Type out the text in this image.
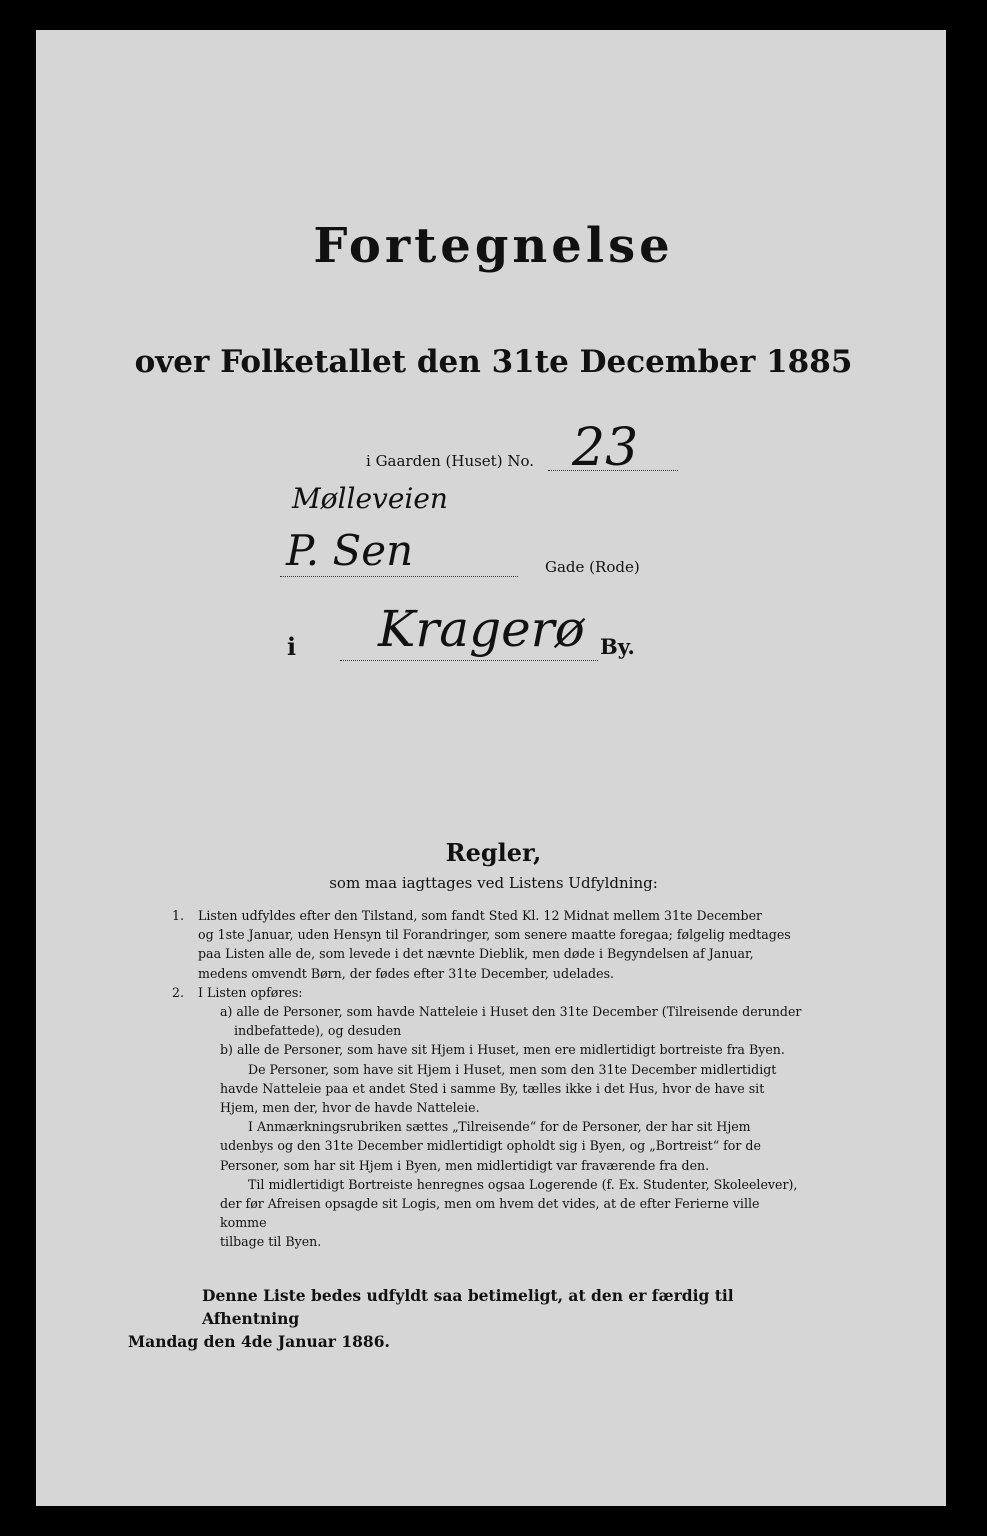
Fortegnelse
over Folketallet den 31te December 1885
i Gaarden (Huset) No. 23
Mølleveien
P. Sen	Gade (Rode)
i Kragerø By.
Regler,
som maa iagttages ved Listens Udfyldning:

1. Listen udfyldes efter den Tilstand, som fandt Sted Kl. 12 Midnat mellem 31te December

og 1ste Januar, uden Hensyn til Forandringer, som senere maatte foregaa; følgelig medtages

paa Listen alle de, som levede i det nævnte Dieblik, men døde i Begyndelsen af Januar,

medens omvendt Børn, der fødes efter 31te December, udelades.

2. I Listen opføres:

a) alle de Personer, som havde Natteleie i Huset den 31te December (Tilreisende derunder

indbefattede), og desuden

b) alle de Personer, som have sit Hjem i Huset, men ere midlertidigt bortreiste fra Byen.

De Personer, som have sit Hjem i Huset, men som den 31te December midlertidigt

havde Natteleie paa et andet Sted i samme By, tælles ikke i det Hus, hvor de have sit

Hjem, men der, hvor de havde Natteleie.

I Anmærkningsrubriken sættes „Tilreisende“ for de Personer, der har sit Hjem

udenbys og den 31te December midlertidigt opholdt sig i Byen, og „Bortreist“ for de

Personer, som har sit Hjem i Byen, men midlertidigt var fraværende fra den.

Til midlertidigt Bortreiste henregnes ogsaa Logerende (f. Ex. Studenter, Skoleelever),

der før Afreisen opsagde sit Logis, men om hvem det vides, at de efter Ferierne ville komme

tilbage til Byen.

Denne Liste bedes udfyldt saa betimeligt, at den er færdig til Afhentning

Mandag den 4de Januar 1886.
